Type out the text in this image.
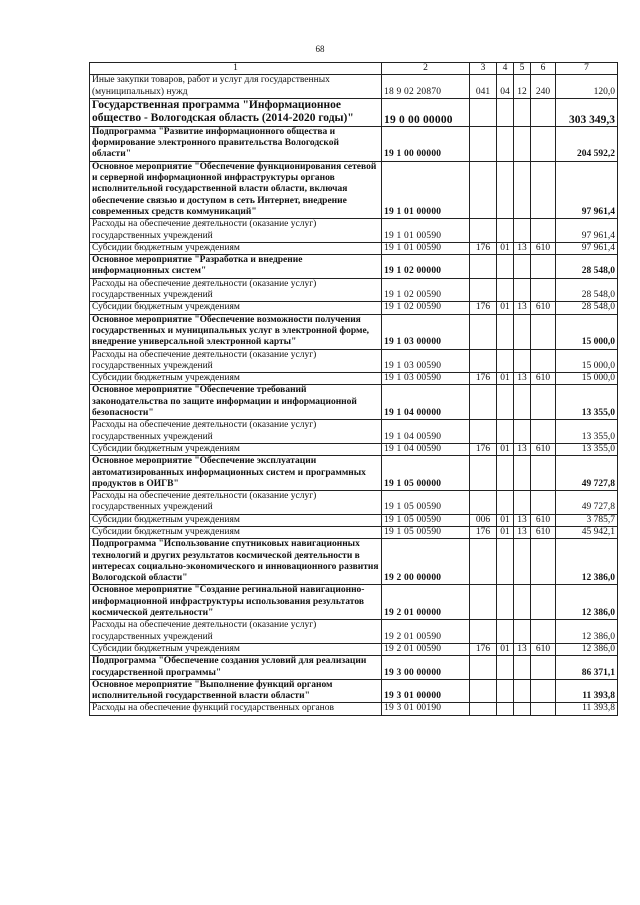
68
1	2	3	4	5	6	7
Иные закупки товаров, работ и услуг для государственных (муниципальных) нужд	18 9 02 20870	041	04	12	240	120,0
Государственная программа "Информационное общество - Вологодская область (2014-2020 годы)"	19 0 00 00000					303 349,3
Подпрограмма "Развитие информационного общества и формирование электронного правительства Вологодской области"	19 1 00 00000					204 592,2
Основное мероприятие "Обеспечение функционирования сетевой и серверной информационной инфраструктуры органов исполнительной государственной власти области, включая обеспечение связью и доступом в сеть Интернет, внедрение современных средств коммуникаций"	19 1 01 00000					97 961,4
Расходы на обеспечение деятельности (оказание услуг) государственных учреждений	19 1 01 00590					97 961,4
Субсидии бюджетным учреждениям	19 1 01 00590	176	01	13	610	97 961,4
Основное мероприятие "Разработка и внедрение информационных систем"	19 1 02 00000					28 548,0
Расходы на обеспечение деятельности (оказание услуг) государственных учреждений	19 1 02 00590					28 548,0
Субсидии бюджетным учреждениям	19 1 02 00590	176	01	13	610	28 548,0
Основное мероприятие "Обеспечение возможности получения государственных и муниципальных услуг в электронной форме, внедрение универсальной электронной карты"	19 1 03 00000					15 000,0
Расходы на обеспечение деятельности (оказание услуг) государственных учреждений	19 1 03 00590					15 000,0
Субсидии бюджетным учреждениям	19 1 03 00590	176	01	13	610	15 000,0
Основное мероприятие "Обеспечение требований законодательства по защите информации и информационной безопасности"	19 1 04 00000					13 355,0
Расходы на обеспечение деятельности (оказание услуг) государственных учреждений	19 1 04 00590					13 355,0
Субсидии бюджетным учреждениям	19 1 04 00590	176	01	13	610	13 355,0
Основное мероприятие "Обеспечение эксплуатации автоматизированных информационных систем и программных продуктов в ОИГВ"	19 1 05 00000					49 727,8
Расходы на обеспечение деятельности (оказание услуг) государственных учреждений	19 1 05 00590					49 727,8
Субсидии бюджетным учреждениям	19 1 05 00590	006	01	13	610	3 785,7
Субсидии бюджетным учреждениям	19 1 05 00590	176	01	13	610	45 942,1
Подпрограмма "Использование спутниковых навигационных технологий и других результатов космической деятельности в интересах социально-экономического и инновационного развития Вологодской области"	19 2 00 00000					12 386,0
Основное мероприятие "Создание регинальной навигационно-информационной инфраструктуры использования результатов космической деятельности"	19 2 01 00000					12 386,0
Расходы на обеспечение деятельности (оказание услуг) государственных учреждений	19 2 01 00590					12 386,0
Субсидии бюджетным учреждениям	19 2 01 00590	176	01	13	610	12 386,0
Подпрограмма "Обеспечение создания условий для реализации государственной программы"	19 3 00 00000					86 371,1
Основное мероприятие "Выполнение функций органом исполнительной государственной власти области"	19 3 01 00000					11 393,8
Расходы на обеспечение функций государственных органов	19 3 01 00190					11 393,8
